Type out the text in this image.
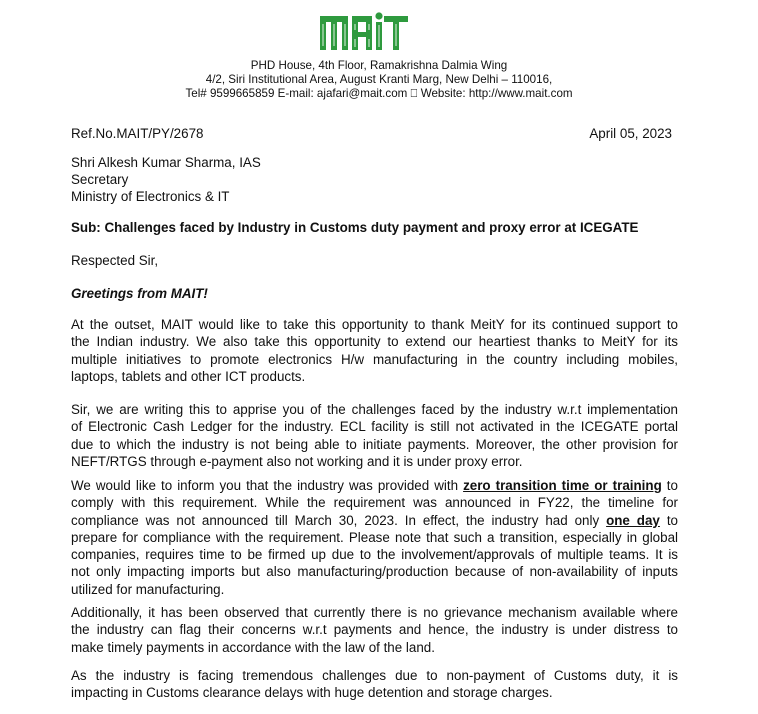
MAIT
PHD House, 4th Floor, Ramakrishna Dalmia Wing
4/2, Siri Institutional Area, August Kranti Marg, New Delhi – 110016,
Tel# 9599665859 E-mail: ajafari@mait.com ⎕ Website: http://www.mait.com
Ref.No.MAIT/PY/2678	April 05, 2023
Shri Alkesh Kumar Sharma, IAS
Secretary
Ministry of Electronics & IT
Sub: Challenges faced by Industry in Customs duty payment and proxy error at ICEGATE
Respected Sir,
Greetings from MAIT!
At the outset, MAIT would like to take this opportunity to thank MeitY for its continued support to
the Indian industry. We also take this opportunity to extend our heartiest thanks to MeitY for its
multiple initiatives to promote electronics H/w manufacturing in the country including mobiles,
laptops, tablets and other ICT products.
Sir, we are writing this to apprise you of the challenges faced by the industry w.r.t implementation
of Electronic Cash Ledger for the industry. ECL facility is still not activated in the ICEGATE portal
due to which the industry is not being able to initiate payments. Moreover, the other provision for
NEFT/RTGS through e-payment also not working and it is under proxy error.
We would like to inform you that the industry was provided with zero transition time or training to
comply with this requirement. While the requirement was announced in FY22, the timeline for
compliance was not announced till March 30, 2023. In effect, the industry had only one day to
prepare for compliance with the requirement. Please note that such a transition, especially in global
companies, requires time to be firmed up due to the involvement/approvals of multiple teams. It is
not only impacting imports but also manufacturing/production because of non-availability of inputs
utilized for manufacturing.
Additionally, it has been observed that currently there is no grievance mechanism available where
the industry can flag their concerns w.r.t payments and hence, the industry is under distress to
make timely payments in accordance with the law of the land.
As the industry is facing tremendous challenges due to non-payment of Customs duty, it is
impacting in Customs clearance delays with huge detention and storage charges.
